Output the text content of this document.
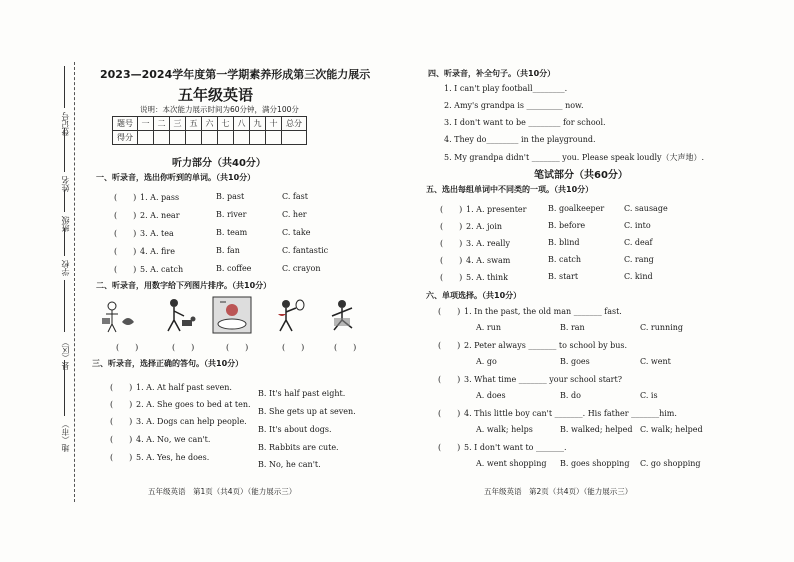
登记号
姓名
班级
学校
县（区）
地（市）
2023—2024学年度第一学期素养形成第三次能力展示
五年级英语
说明：本次能力展示时间为60分钟，满分100分
题号	一	二	三	五	六	七	八	九	十	总分
得分										
听力部分（共40分）
一、听录音，选出你听到的单词。（共10分）
(　　) 1. A. pass	B. past	C. fast
(　　) 2. A. near	B. river	C. her
(　　) 3. A. tea	B. team	C. take
(　　) 4. A. fire	B. fan	C. fantastic
(　　) 5. A. catch	B. coffee	C. crayon
二、听录音，用数字给下列图片排序。（共10分）
(　　)	(　　)	(　　)	(　　)	(　　)
三、听录音，选择正确的答句。（共10分）
(　　) 1. A. At half past seven.
B. It's half past eight.
(　　) 2. A. She goes to bed at ten.
B. She gets up at seven.
(　　) 3. A. Dogs can help people.
B. It's about dogs.
(　　) 4. A. No, we can't.
B. Rabbits are cute.
(　　) 5. A. Yes, he does.
B. No, he can't.
五年级英语　第1页（共4页）（能力展示三）
四、听录音，补全句子。（共10分）
1. I can't play football________.
2. Amy's grandpa is _________ now.
3. I don't want to be ________ for school.
4. They do________ in the playground.
5. My grandpa didn't _______ you. Please speak loudly（大声地）.
笔试部分（共60分）
五、选出每组单词中不同类的一项。（共10分）
(　　) 1. A. presenter	B. goalkeeper C. sausage
(　　) 2. A. join	B. before	C. into
(　　) 3. A. really	B. blind	C. deaf
(　　) 4. A. swam	B. catch	C. rang
(　　) 5. A. think	B. start	C. kind
六、单项选择。（共10分）
(　　) 1. In the past, the old man _______ fast.
A. run	B. ran	C. running
(　　) 2. Peter always _______ to school by bus.
A. go	B. goes	C. went
(　　) 3. What time _______ your school start?
A. does	B. do	C. is
(　　) 4. This little boy can't _______. His father _______him.
A. walk; helps	B. walked; helped C. walk; helped
(　　) 5. I don't want to _______.
A. went shopping B. goes shopping C. go shopping
五年级英语　第2页（共4页）（能力展示三）
